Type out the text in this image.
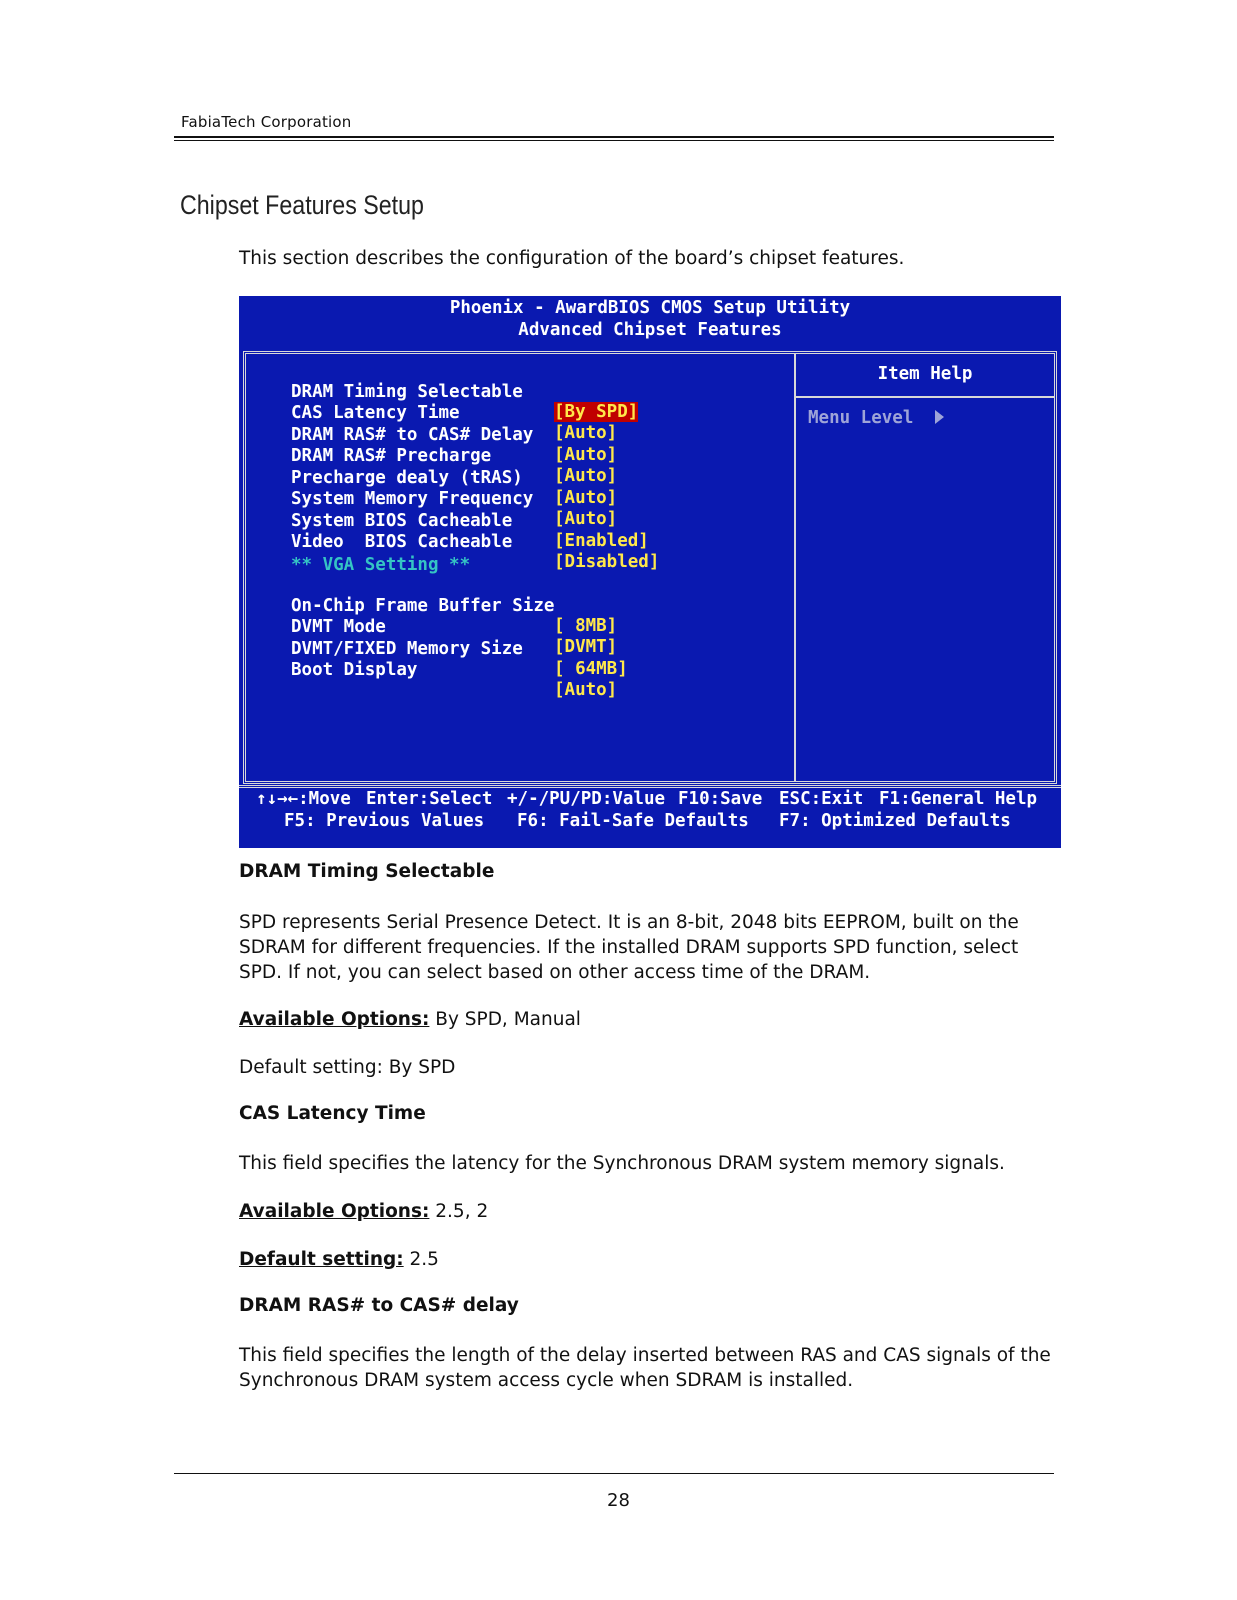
FabiaTech Corporation
Chipset Features Setup
This section describes the configuration of the board’s chipset features.
Phoenix - AwardBIOS CMOS Setup Utility
Advanced Chipset Features

DRAM Timing Selectable

[By SPD]

CAS Latency Time

[Auto]

DRAM RAS# to CAS# Delay

[Auto]

DRAM RAS# Precharge

[Auto]

Precharge dealy (tRAS)

[Auto]

System Memory Frequency

[Auto]

System BIOS Cacheable

[Enabled]

Video  BIOS Cacheable

[Disabled]

** VGA Setting **

On-Chip Frame Buffer Size

[ 8MB]

DVMT Mode

[DVMT]

DVMT/FIXED Memory Size

[ 64MB]

Boot Display

[Auto]

Item Help
Menu Level
↑↓→←:Move Enter:Select +/-/PU/PD:Value F10:Save ESC:Exit F1:General Help
F5: Previous Values F6: Fail-Safe Defaults F7: Optimized Defaults
DRAM Timing Selectable
SPD represents Serial Presence Detect. It is an 8-bit, 2048 bits EEPROM, built on the SDRAM for different frequencies. If the installed DRAM supports SPD function, select SPD. If not, you can select based on other access time of the DRAM.
Available Options: By SPD, Manual
Default setting: By SPD
CAS Latency Time
This field specifies the latency for the Synchronous DRAM system memory signals.
Available Options: 2.5, 2
Default setting: 2.5
DRAM RAS# to CAS# delay
This field specifies the length of the delay inserted between RAS and CAS signals of the Synchronous DRAM system access cycle when SDRAM is installed.
28
